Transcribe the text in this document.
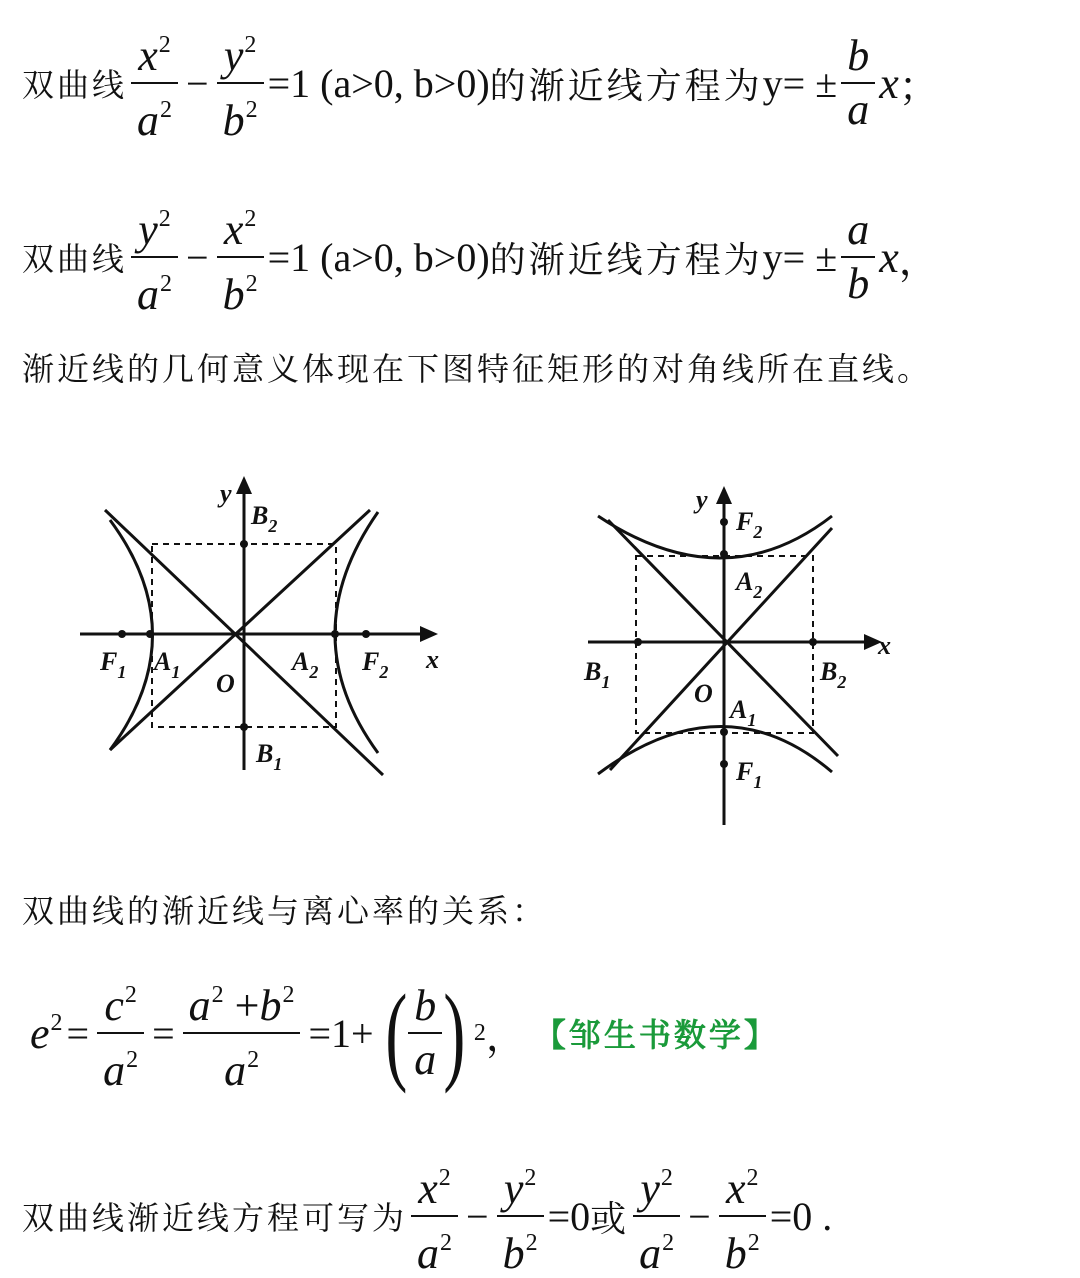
双曲线 $\frac{x^2}{a^2} - \frac{y^2}{b^2} =1$ (a>0, b>0) 的渐近线方程为 $y= \pm \frac{b}{a}$ x ；
双曲线 $\frac{y^2}{a^2} - \frac{x^2}{b^2} =1$ (a>0, b>0) 的渐近线方程为 $y= \pm \frac{a}{b}$ x ，
渐近线的几何意义体现在下图特征矩形的对角线所在直线。
y
x
$B_2$
$B_1$
$F_1$ $A_1$ O
$A_2$ $F_2$
y
x
$F_2$
$A_2$
$B_1$	$B_2$
O
$A_1$
$F_1$
双曲线的渐近线与离心率的关系：
$e^2 = \frac{c^2}{a^2} = \frac{a^2 +b^2}{a^2} =1+$ ( $\frac{b}{a}$ ) 2 ， 【邹生书数学】
双曲线渐近线方程可写为 $\frac{x^2}{a^2} - \frac{y^2}{b^2} =0$ 或 $\frac{y^2}{a^2} - \frac{x^2}{b^2} =0$ .
